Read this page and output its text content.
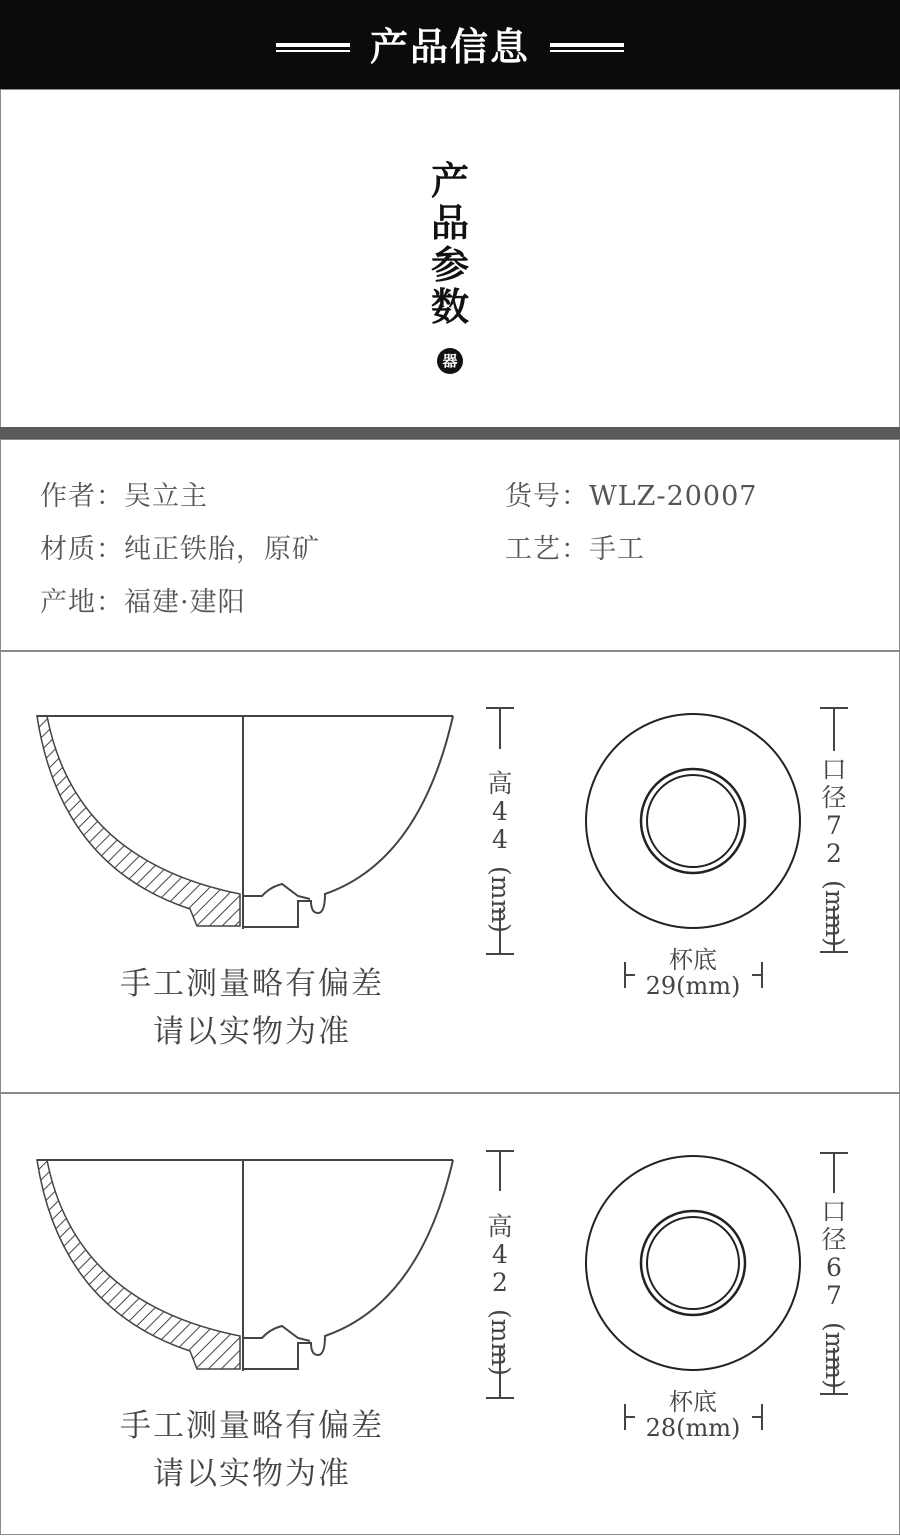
产品信息
产
品
参
数
器
作者：吴立主	货号：WLZ-20007
材质：纯正铁胎，原矿	工艺：手工
产地：福建·建阳
高
4
4
(mm)
口
径
7
2
(mm)
杯底
29(mm)
手工测量略有偏差
请以实物为准
高
4
2
(mm)
口
径
6
7
(mm)
杯底
28(mm)
手工测量略有偏差
请以实物为准
